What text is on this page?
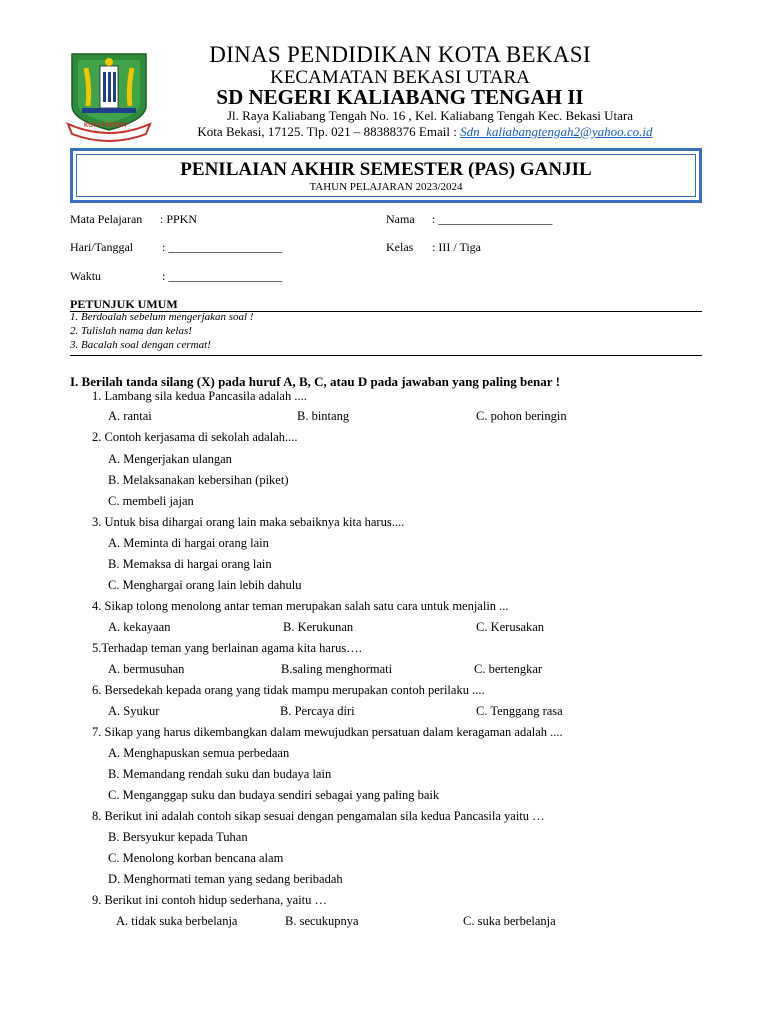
KOTA PATRIOT
DINAS PENDIDIKAN KOTA BEKASI
KECAMATAN BEKASI UTARA
SD NEGERI KALIABANG TENGAH II
Jl. Raya Kaliabang Tengah No. 16 , Kel. Kaliabang Tengah Kec. Bekasi Utara
Kota Bekasi, 17125. Tlp. 021 – 88388376 Email : Sdn_kaliabangtengah2@yahoo.co.id
PENILAIAN AKHIR SEMESTER (PAS) GANJIL
TAHUN PELAJARAN 2023/2024
Mata Pelajaran : PPKN	Nama : ___________________
Hari/Tanggal : ___________________	Kelas : III / Tiga
Waktu	: ___________________
PETUNJUK UMUM
1. Berdoalah sebelum mengerjakan soal !
2. Tulislah nama dan kelas!
3. Bacalah soal dengan cermat!
I. Berilah tanda silang (X) pada huruf A, B, C, atau D pada jawaban yang paling benar !
1. Lambang sila kedua Pancasila adalah ....
A. rantai	B. bintang	C. pohon beringin
2. Contoh kerjasama di sekolah adalah....
A. Mengerjakan ulangan
B. Melaksanakan kebersihan (piket)
C. membeli jajan
3. Untuk bisa dihargai orang lain maka sebaiknya kita harus....
A. Meminta di hargai orang lain
B. Memaksa di hargai orang lain
C. Menghargai orang lain lebih dahulu
4. Sikap tolong menolong antar teman merupakan salah satu cara untuk menjalin ...
A. kekayaan	B. Kerukunan	C. Kerusakan
5.Terhadap teman yang berlainan agama kita harus….
A. bermusuhan	B.saling menghormati	C. bertengkar
6. Bersedekah kepada orang yang tidak mampu merupakan contoh perilaku ....
A. Syukur	B. Percaya diri	C. Tenggang rasa
7. Sikap yang harus dikembangkan dalam mewujudkan persatuan dalam keragaman adalah ....
A. Menghapuskan semua perbedaan
B. Memandang rendah suku dan budaya lain
C. Menganggap suku dan budaya sendiri sebagai yang paling baik
8. Berikut ini adalah contoh sikap sesuai dengan pengamalan sila kedua Pancasila yaitu …
B. Bersyukur kepada Tuhan
C. Menolong korban bencana alam
D. Menghormati teman yang sedang beribadah
9. Berikut ini contoh hidup sederhana, yaitu …
A. tidak suka berbelanja	B. secukupnya	C. suka berbelanja
